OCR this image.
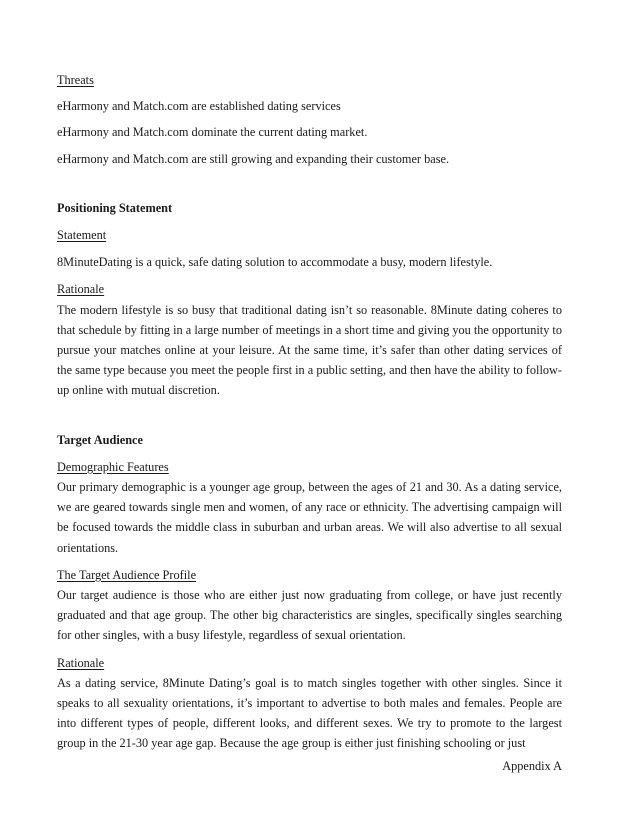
Threats

eHarmony and Match.com are established dating services

eHarmony and Match.com dominate the current dating market.

eHarmony and Match.com are still growing and expanding their customer base.

Positioning Statement

Statement

8MinuteDating is a quick, safe dating solution to accommodate a busy, modern lifestyle.

Rationale

The modern lifestyle is so busy that traditional dating isn’t so reasonable. 8Minute dating coheres to that schedule by fitting in a large number of meetings in a short time and giving you the opportunity to pursue your matches online at your leisure. At the same time, it’s safer than other dating services of the same type because you meet the people first in a public setting, and then have the ability to follow-up online with mutual discretion.

Target Audience

Demographic Features

Our primary demographic is a younger age group, between the ages of 21 and 30. As a dating service, we are geared towards single men and women, of any race or ethnicity. The advertising campaign will be focused towards the middle class in suburban and urban areas. We will also advertise to all sexual orientations.

The Target Audience Profile

Our target audience is those who are either just now graduating from college, or have just recently graduated and that age group. The other big characteristics are singles, specifically singles searching for other singles, with a busy lifestyle, regardless of sexual orientation.

Rationale

As a dating service, 8Minute Dating’s goal is to match singles together with other singles. Since it speaks to all sexuality orientations, it’s important to advertise to both males and females. People are into different types of people, different looks, and different sexes. We try to promote to the largest group in the 21-30 year age gap. Because the age group is either just finishing schooling or just

Appendix A
